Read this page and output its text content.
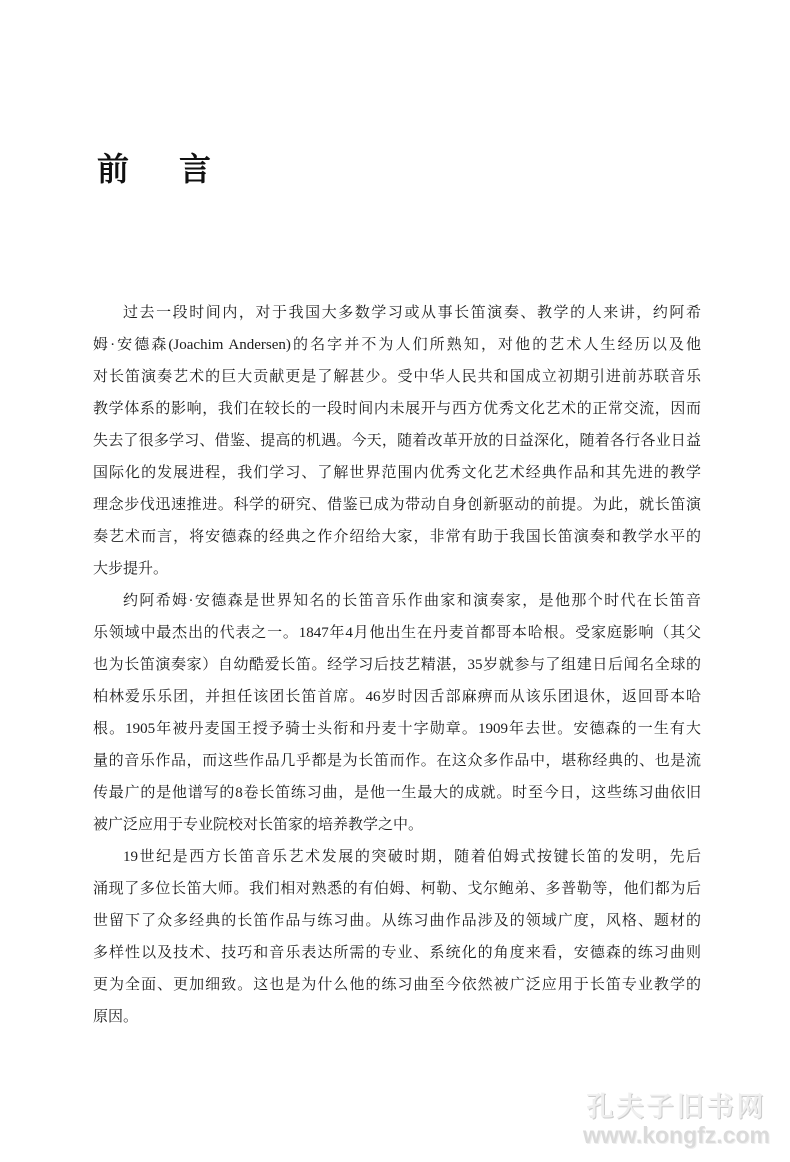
前　言
过去一段时间内，对于我国大多数学习或从事长笛演奏、教学的人来讲，约阿希
姆·安德森(Joachim Andersen)的名字并不为人们所熟知，对他的艺术人生经历以及他
对长笛演奏艺术的巨大贡献更是了解甚少。受中华人民共和国成立初期引进前苏联音乐
教学体系的影响，我们在较长的一段时间内未展开与西方优秀文化艺术的正常交流，因而
失去了很多学习、借鉴、提高的机遇。今天，随着改革开放的日益深化，随着各行各业日益
国际化的发展进程，我们学习、了解世界范围内优秀文化艺术经典作品和其先进的教学
理念步伐迅速推进。科学的研究、借鉴已成为带动自身创新驱动的前提。为此，就长笛演
奏艺术而言，将安德森的经典之作介绍给大家，非常有助于我国长笛演奏和教学水平的
大步提升。
约阿希姆·安德森是世界知名的长笛音乐作曲家和演奏家，是他那个时代在长笛音
乐领域中最杰出的代表之一。1847年4月他出生在丹麦首都哥本哈根。受家庭影响（其父
也为长笛演奏家）自幼酷爱长笛。经学习后技艺精湛，35岁就参与了组建日后闻名全球的
柏林爱乐乐团，并担任该团长笛首席。46岁时因舌部麻痹而从该乐团退休，返回哥本哈
根。1905年被丹麦国王授予骑士头衔和丹麦十字勋章。1909年去世。安德森的一生有大
量的音乐作品，而这些作品几乎都是为长笛而作。在这众多作品中，堪称经典的、也是流
传最广的是他谱写的8卷长笛练习曲，是他一生最大的成就。时至今日，这些练习曲依旧
被广泛应用于专业院校对长笛家的培养教学之中。
19世纪是西方长笛音乐艺术发展的突破时期，随着伯姆式按键长笛的发明，先后
涌现了多位长笛大师。我们相对熟悉的有伯姆、柯勒、戈尔鲍弟、多普勒等，他们都为后
世留下了众多经典的长笛作品与练习曲。从练习曲作品涉及的领域广度，风格、题材的
多样性以及技术、技巧和音乐表达所需的专业、系统化的角度来看，安德森的练习曲则
更为全面、更加细致。这也是为什么他的练习曲至今依然被广泛应用于长笛专业教学的
原因。
孔夫子旧书网
www.kongfz.com
